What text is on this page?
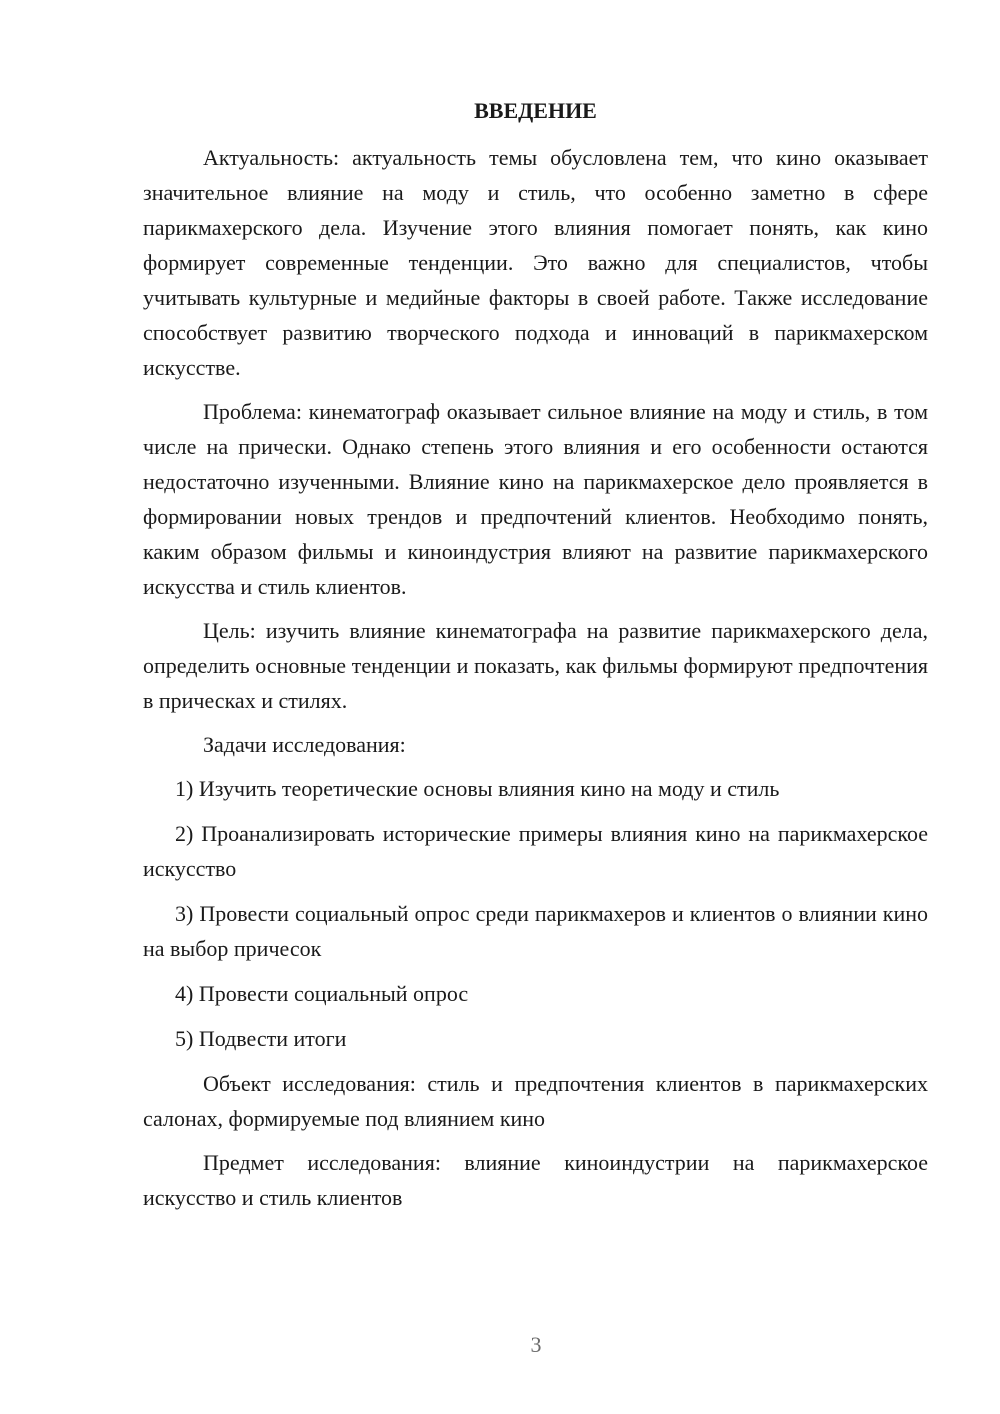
ВВЕДЕНИЕ

Актуальность: актуальность темы обусловлена тем, что кино оказывает значительное влияние на моду и стиль, что особенно заметно в сфере парикмахерского дела. Изучение этого влияния помогает понять, как кино формирует современные тенденции. Это важно для специалистов, чтобы учитывать культурные и медийные факторы в своей работе. Также исследование способствует развитию творческого подхода и инноваций в парикмахерском искусстве.

Проблема: кинематограф оказывает сильное влияние на моду и стиль, в том числе на прически. Однако степень этого влияния и его особенности остаются недостаточно изученными. Влияние кино на парикмахерское дело проявляется в формировании новых трендов и предпочтений клиентов. Необходимо понять, каким образом фильмы и киноиндустрия влияют на развитие парикмахерского искусства и стиль клиентов.

Цель: изучить влияние кинематографа на развитие парикмахерского дела, определить основные тенденции и показать, как фильмы формируют предпочтения в прическах и стилях.

Задачи исследования:

1) Изучить теоретические основы влияния кино на моду и стиль

2) Проанализировать исторические примеры влияния кино на парикмахерское искусство

3) Провести социальный опрос среди парикмахеров и клиентов о влиянии кино на выбор причесок

4) Провести социальный опрос

5) Подвести итоги

Объект исследования: стиль и предпочтения клиентов в парикмахерских салонах, формируемые под влиянием кино

Предмет исследования: влияние киноиндустрии на парикмахерское искусство и стиль клиентов

3
